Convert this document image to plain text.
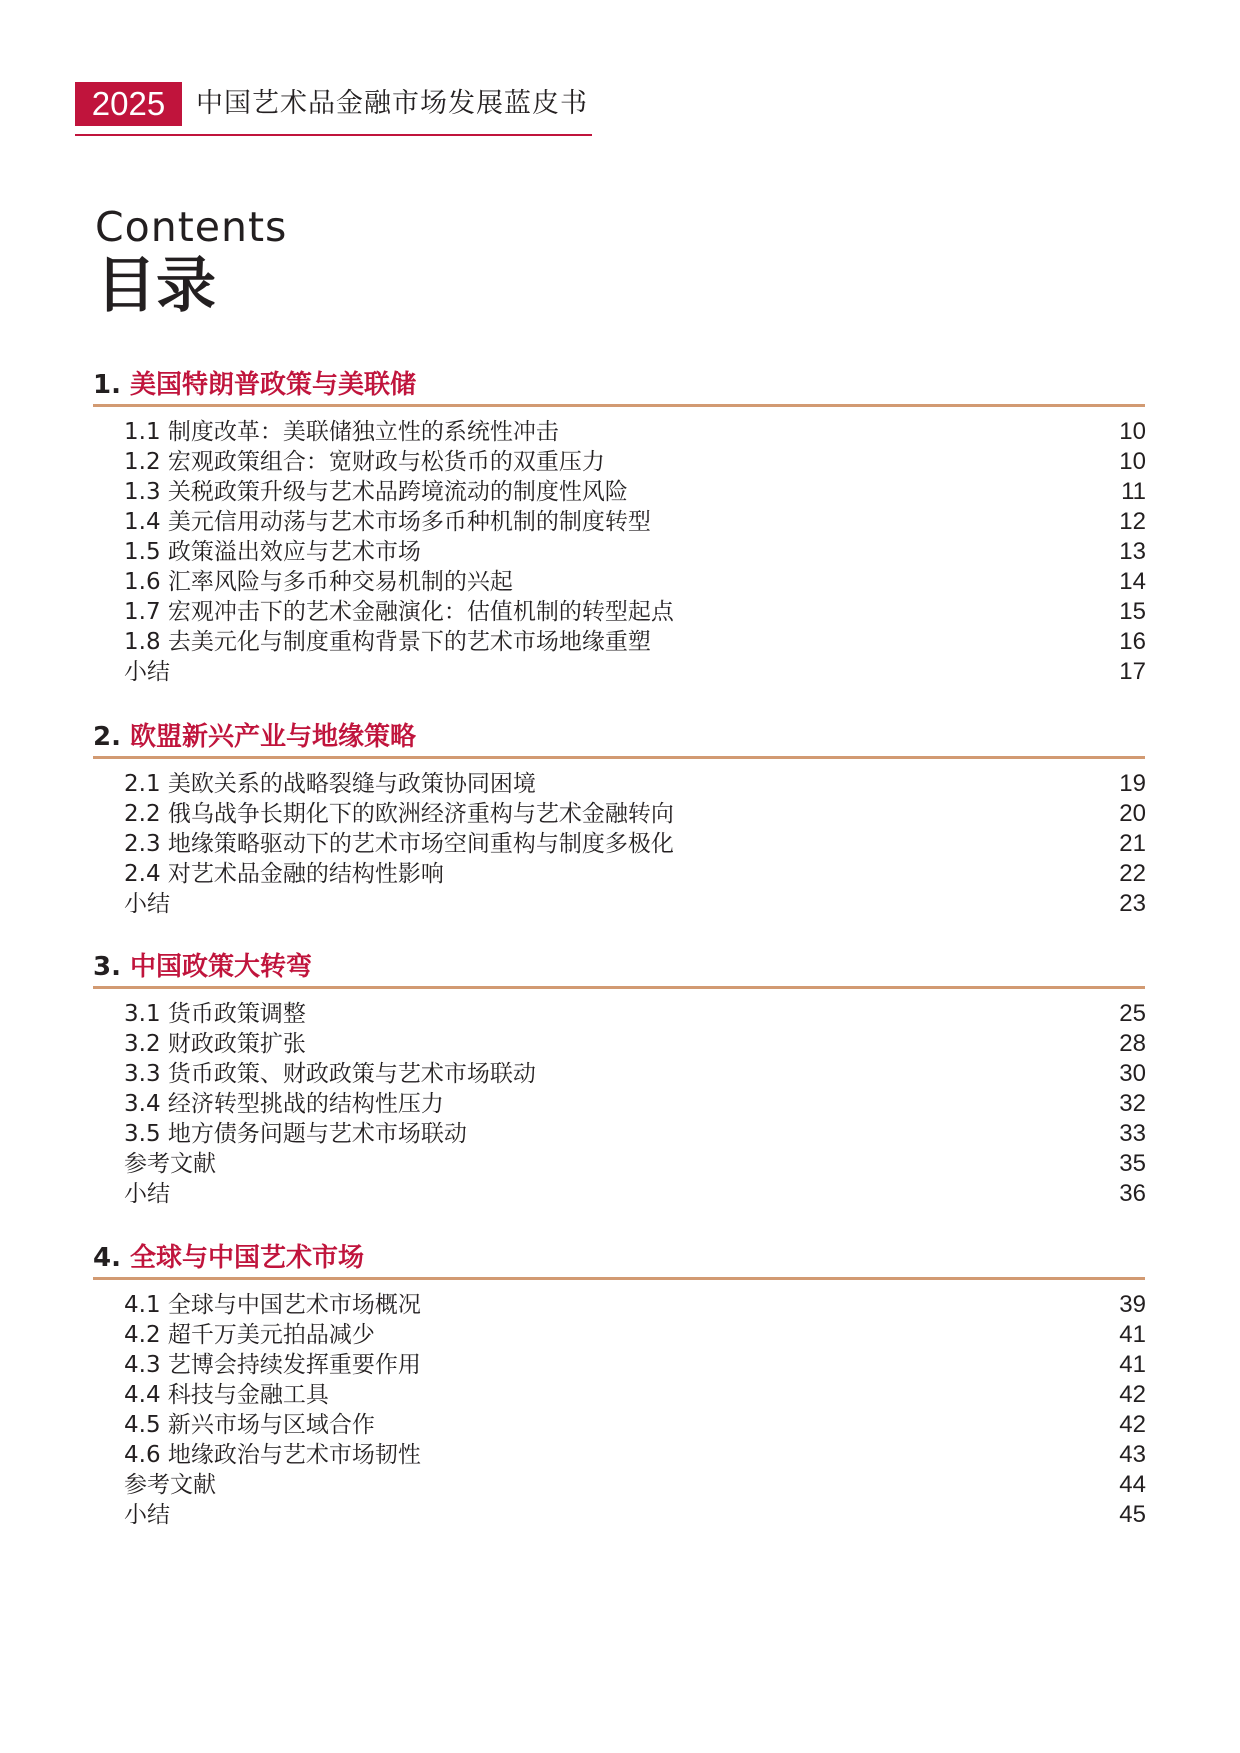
2025	中国艺术品金融市场发展蓝皮书
Contents
目录
1. 美国特朗普政策与美联储
1.1 制度改革：美联储独立性的系统性冲击	10
1.2 宏观政策组合：宽财政与松货币的双重压力	10
1.3 关税政策升级与艺术品跨境流动的制度性风险	11
1.4 美元信用动荡与艺术市场多币种机制的制度转型	12
1.5 政策溢出效应与艺术市场	13
1.6 汇率风险与多币种交易机制的兴起	14
1.7 宏观冲击下的艺术金融演化：估值机制的转型起点	15
1.8 去美元化与制度重构背景下的艺术市场地缘重塑	16
小结	17
2. 欧盟新兴产业与地缘策略
2.1 美欧关系的战略裂缝与政策协同困境	19
2.2 俄乌战争长期化下的欧洲经济重构与艺术金融转向	20
2.3 地缘策略驱动下的艺术市场空间重构与制度多极化	21
2.4 对艺术品金融的结构性影响	22
小结	23
3. 中国政策大转弯
3.1 货币政策调整	25
3.2 财政政策扩张	28
3.3 货币政策、财政政策与艺术市场联动	30
3.4 经济转型挑战的结构性压力	32
3.5 地方债务问题与艺术市场联动	33
参考文献	35
小结	36
4. 全球与中国艺术市场
4.1 全球与中国艺术市场概况	39
4.2 超千万美元拍品减少	41
4.3 艺博会持续发挥重要作用	41
4.4 科技与金融工具	42
4.5 新兴市场与区域合作	42
4.6 地缘政治与艺术市场韧性	43
参考文献	44
小结	45
